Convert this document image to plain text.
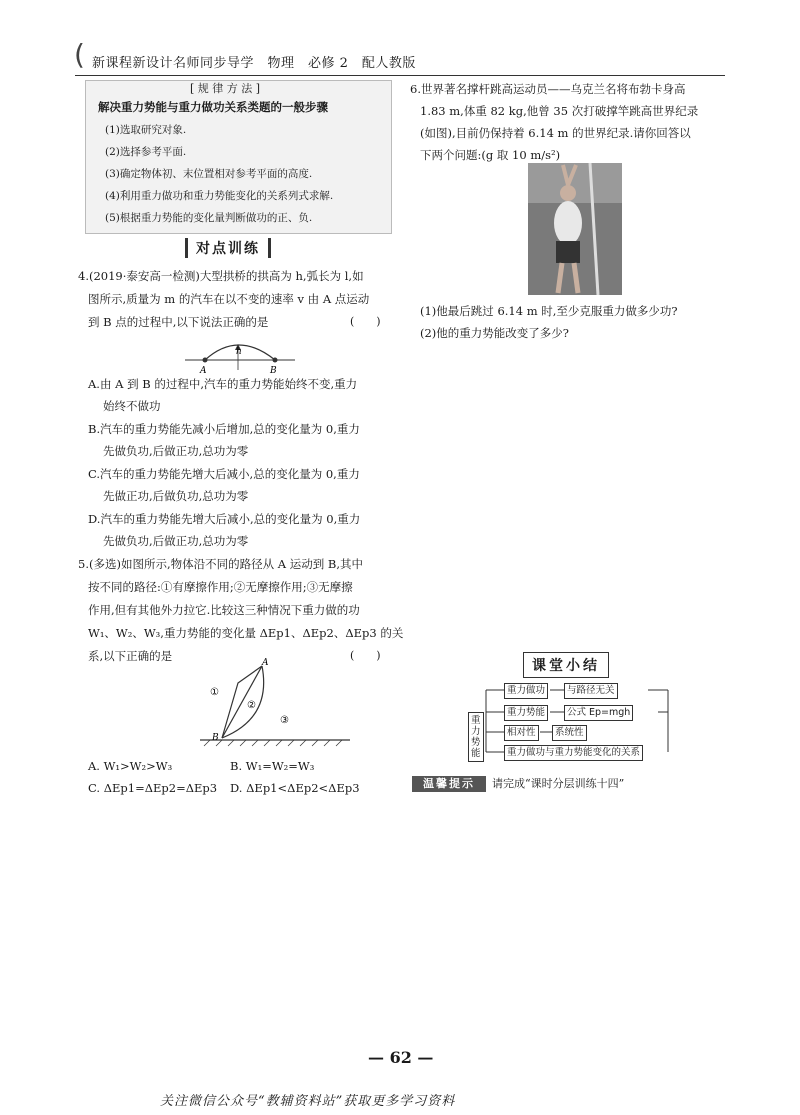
( 新课程新设计名师同步导学　物理　必修 2　配人教版
[ 规 律 方 法 ]
解决重力势能与重力做功关系类题的一般步骤
(1)选取研究对象.
(2)选择参考平面.
(3)确定物体初、末位置相对参考平面的高度.
(4)利用重力做功和重力势能变化的关系列式求解.
(5)根据重力势能的变化量判断做功的正、负.
对点训练
4.(2019·泰安高一检测)大型拱桥的拱高为 h,弧长为 l,如
图所示,质量为 m 的汽车在以不变的速率 v 由 A 点运动
到 B 点的过程中,以下说法正确的是	(　　)
A	B
h
A.由 A 到 B 的过程中,汽车的重力势能始终不变,重力
始终不做功
B.汽车的重力势能先减小后增加,总的变化量为 0,重力
先做负功,后做正功,总功为零
C.汽车的重力势能先增大后减小,总的变化量为 0,重力
先做正功,后做负功,总功为零
D.汽车的重力势能先增大后减小,总的变化量为 0,重力
先做负功,后做正功,总功为零
5.(多选)如图所示,物体沿不同的路径从 A 运动到 B,其中
按不同的路径:①有摩擦作用;②无摩擦作用;③无摩擦
作用,但有其他外力拉它.比较这三种情况下重力做的功
W₁、W₂、W₃,重力势能的变化量 ΔEp1、ΔEp2、ΔEp3 的关
系,以下正确的是	(　　)
A
B
①
②
③
A. W₁>W₂>W₃	B. W₁=W₂=W₃
C. ΔEp1=ΔEp2=ΔEp3 D. ΔEp1<ΔEp2<ΔEp3
6.世界著名撑杆跳高运动员——乌克兰名将布勃卡身高
1.83 m,体重 82 kg,他曾 35 次打破撑竿跳高世界纪录
(如图),目前仍保持着 6.14 m 的世界纪录.请你回答以
下两个问题:(g 取 10 m/s²)
(1)他最后跳过 6.14 m 时,至少克服重力做多少功?
(2)他的重力势能改变了多少?
课堂小结
重力势能
重力做功	与路径无关
重力势能	公式 Ep=mgh
相对性	系统性
重力做功与重力势能变化的关系
温馨提示	请完成“课时分层训练十四”
— 62 —
关注微信公众号“教辅资料站”获取更多学习资料
